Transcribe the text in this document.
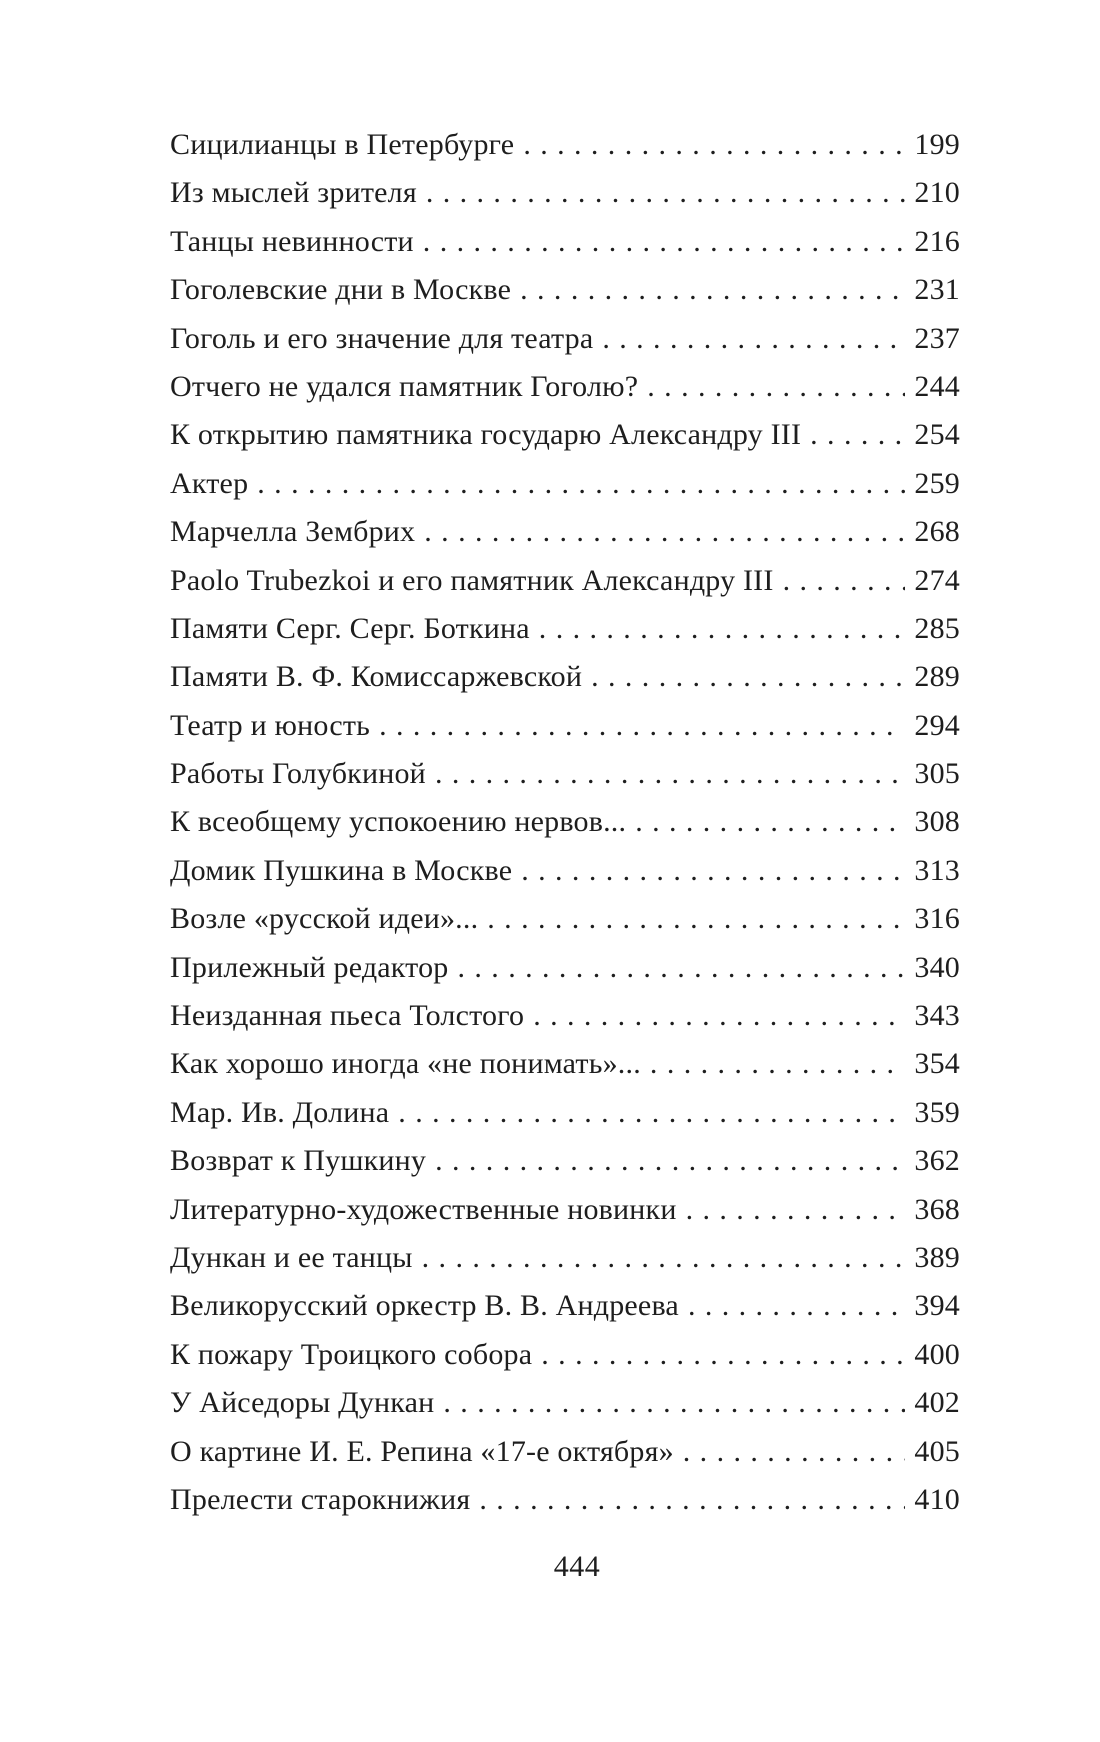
Сицилианцы в Петербурге . . .	199
Из мыслей зрителя . . .	210
Танцы невинности . . .	216
Гоголевские дни в Москве . . .	231
Гоголь и его значение для театра . . .	237
Отчего не удался памятник Гоголю? . . .	244
К открытию памятника государю Александру III . . .	254
Актер . . .	259
Марчелла Зембрих . . .	268
Paolo Trubezkoi и его памятник Александру III . . .	274
Памяти Серг. Серг. Боткина . . .	285
Памяти В. Ф. Комиссаржевской . . .	289
Театр и юность . . .	294
Работы Голубкиной . . .	305
К всеобщему успокоению нервов... . . .	308
Домик Пушкина в Москве . . .	313
Возле «русской идеи»... . . .	316
Прилежный редактор . . .	340
Неизданная пьеса Толстого . . .	343
Как хорошо иногда «не понимать»... . . .	354
Мар. Ив. Долина . . .	359
Возврат к Пушкину . . .	362
Литературно-художественные новинки . . .	368
Дункан и ее танцы . . .	389
Великорусский оркестр В. В. Андреева . . .	394
К пожару Троицкого собора . . .	400
У Айседоры Дункан . . .	402
О картине И. Е. Репина «17-е октября» . . .	405
Прелести старокнижия . . .	410
444
